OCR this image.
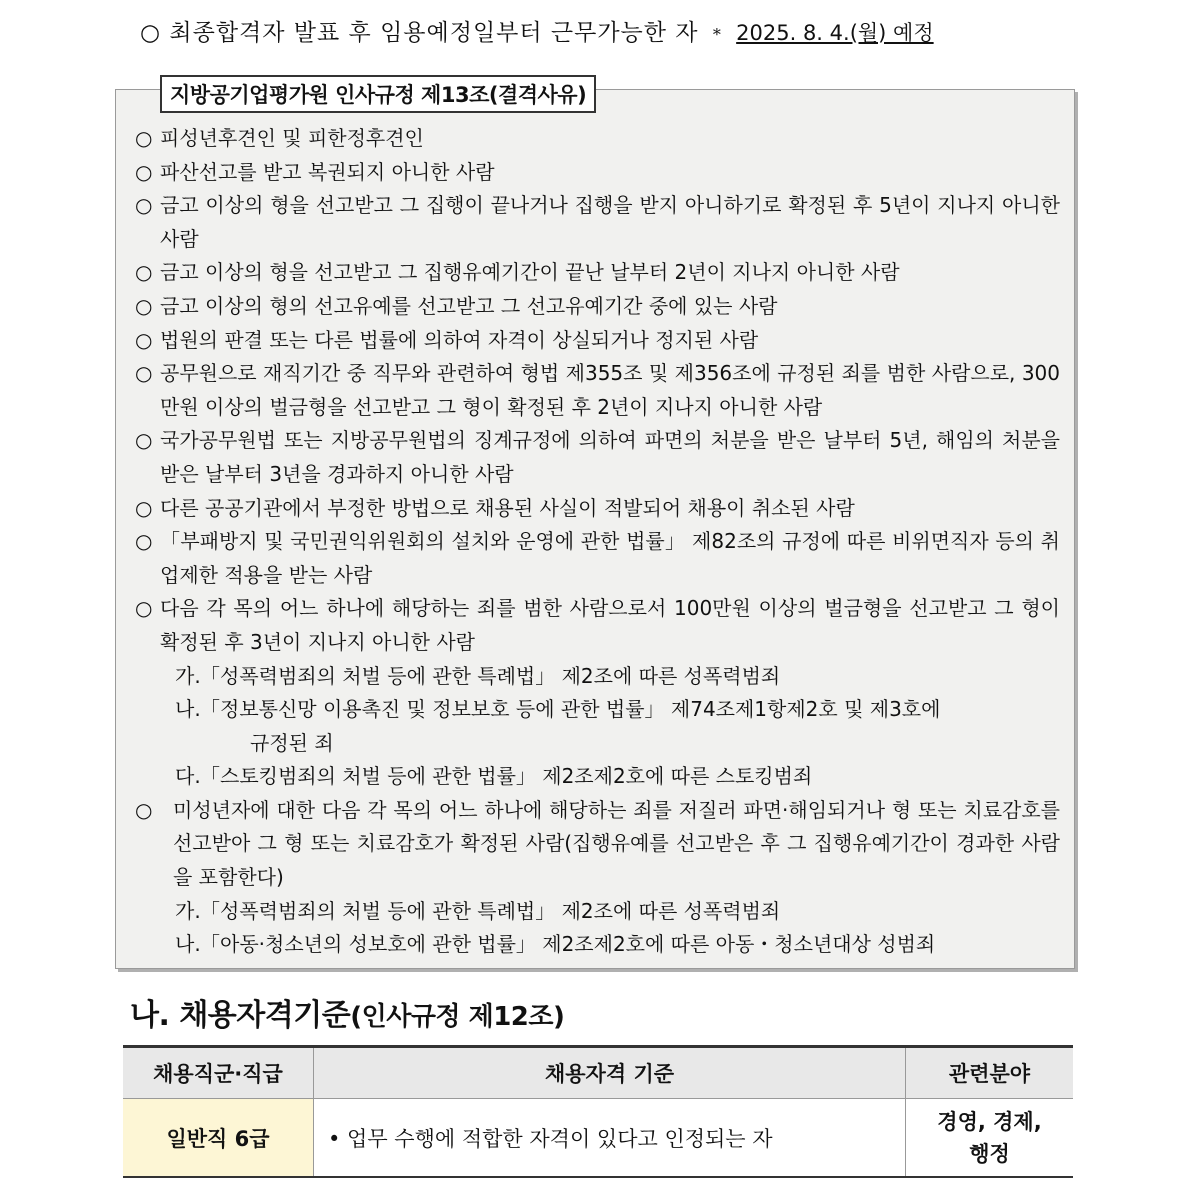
○ 최종합격자 발표 후 임용예정일부터 근무가능한 자 * 2025. 8. 4.(월) 예정
지방공기업평가원 인사규정 제13조(결격사유)
○ 피성년후견인 및 피한정후견인
○ 파산선고를 받고 복권되지 아니한 사람
○ 금고 이상의 형을 선고받고 그 집행이 끝나거나 집행을 받지 아니하기로 확정된 후 5년이 지나지 아니한 사람
○ 금고 이상의 형을 선고받고 그 집행유예기간이 끝난 날부터 2년이 지나지 아니한 사람
○ 금고 이상의 형의 선고유예를 선고받고 그 선고유예기간 중에 있는 사람
○ 법원의 판결 또는 다른 법률에 의하여 자격이 상실되거나 정지된 사람
○ 공무원으로 재직기간 중 직무와 관련하여 형법 제355조 및 제356조에 규정된 죄를 범한 사람으로, 300만원 이상의 벌금형을 선고받고 그 형이 확정된 후 2년이 지나지 아니한 사람
○ 국가공무원법 또는 지방공무원법의 징계규정에 의하여 파면의 처분을 받은 날부터 5년, 해임의 처분을 받은 날부터 3년을 경과하지 아니한 사람
○ 다른 공공기관에서 부정한 방법으로 채용된 사실이 적발되어 채용이 취소된 사람
○ 「부패방지 및 국민권익위원회의 설치와 운영에 관한 법률」 제82조의 규정에 따른 비위면직자 등의 취업제한 적용을 받는 사람
○ 다음 각 목의 어느 하나에 해당하는 죄를 범한 사람으로서 100만원 이상의 벌금형을 선고받고 그 형이 확정된 후 3년이 지나지 아니한 사람
가. 「성폭력범죄의 처벌 등에 관한 특례법」 제2조에 따른 성폭력범죄
나. 「정보통신망 이용촉진 및 정보보호 등에 관한 법률」 제74조제1항제2호 및 제3호에
규정된 죄
다. 「스토킹범죄의 처벌 등에 관한 법률」 제2조제2호에 따른 스토킹범죄
○	미성년자에 대한 다음 각 목의 어느 하나에 해당하는 죄를 저질러 파면·해임되거나 형 또는 치료감호를 선고받아 그 형 또는 치료감호가 확정된 사람(집행유예를 선고받은 후 그 집행유예기간이 경과한 사람을 포함한다)
가. 「성폭력범죄의 처벌 등에 관한 특례법」 제2조에 따른 성폭력범죄
나. 「아동·청소년의 성보호에 관한 법률」 제2조제2호에 따른 아동・청소년대상 성범죄
나. 채용자격기준(인사규정 제12조)
채용직군·직급	채용자격 기준	관련분야
일반직 6급	• 업무 수행에 적합한 자격이 있다고 인정되는 자	경영, 경제,
행정
